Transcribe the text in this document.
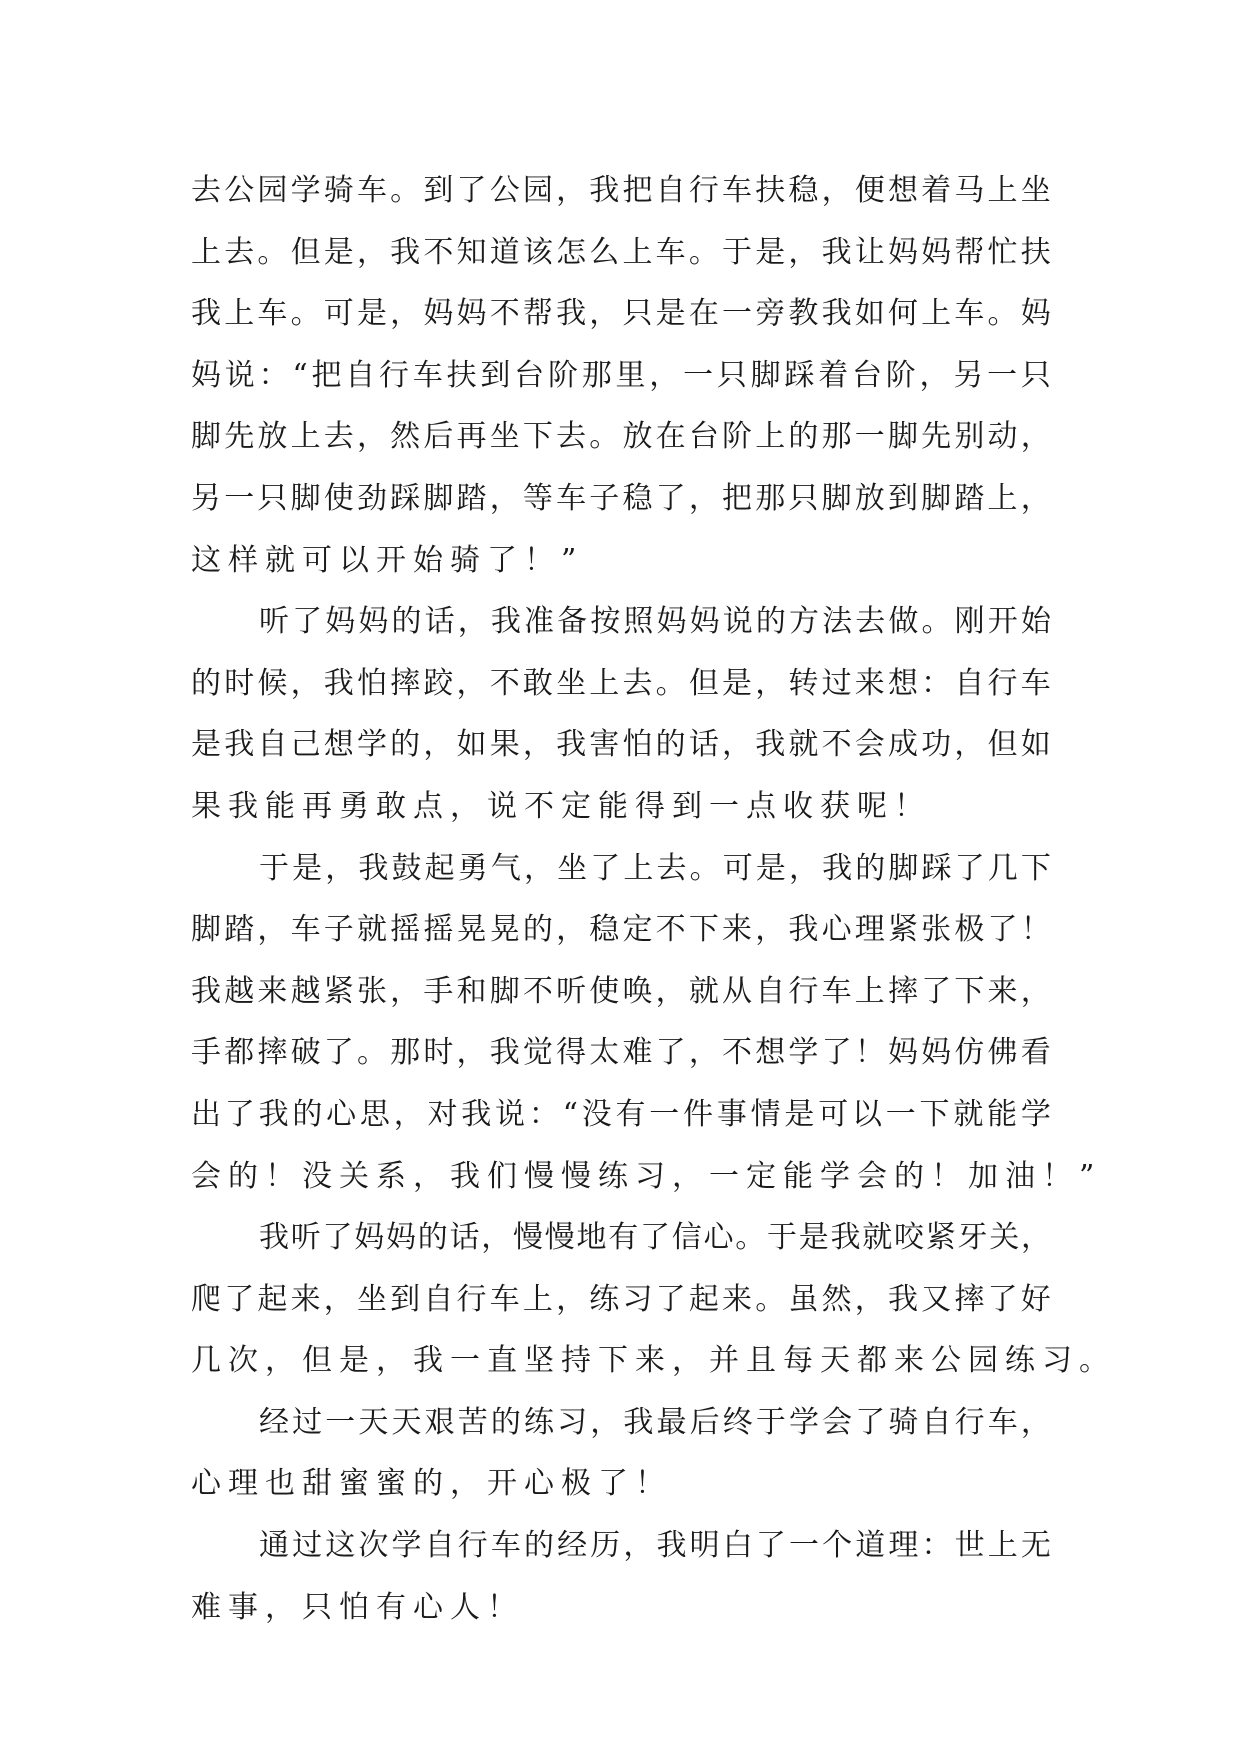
去 公 园 学 骑 车 。 到 了 公 园 ， 我 把 自 行 车 扶 稳 ， 便 想 着 马 上 坐
上 去 。 但 是 ， 我 不 知 道 该 怎 么 上 车 。 于 是 ， 我 让 妈 妈 帮 忙 扶
我 上 车 。 可 是 ， 妈 妈 不 帮 我 ， 只 是 在 一 旁 教 我 如 何 上 车 。 妈
妈 说 ： “ 把 自 行 车 扶 到 台 阶 那 里 ， 一 只 脚 踩 着 台 阶 ， 另 一 只
脚 先 放 上 去 ， 然 后 再 坐 下 去 。 放 在 台 阶 上 的 那 一 脚 先 别 动 ，
另 一 只 脚 使 劲 踩 脚 踏 ， 等 车 子 稳 了 ， 把 那 只 脚 放 到 脚 踏 上 ，
这样就可以开始骑了！”
听 了 妈 妈 的 话 ， 我 准 备 按 照 妈 妈 说 的 方 法 去 做 。 刚 开 始
的 时 候 ， 我 怕 摔 跤 ， 不 敢 坐 上 去 。 但 是 ， 转 过 来 想 ： 自 行 车
是 我 自 己 想 学 的 ， 如 果 ， 我 害 怕 的 话 ， 我 就 不 会 成 功 ， 但 如
果我能再勇敢点，说不定能得到一点收获呢！
于 是 ， 我 鼓 起 勇 气 ， 坐 了 上 去 。 可 是 ， 我 的 脚 踩 了 几 下
脚 踏 ， 车 子 就 摇 摇 晃 晃 的 ， 稳 定 不 下 来 ， 我 心 理 紧 张 极 了 ！
我 越 来 越 紧 张 ， 手 和 脚 不 听 使 唤 ， 就 从 自 行 车 上 摔 了 下 来 ，
手 都 摔 破 了 。 那 时 ， 我 觉 得 太 难 了 ， 不 想 学 了 ！ 妈 妈 仿 佛 看
出 了 我 的 心 思 ， 对 我 说 ： “ 没 有 一 件 事 情 是 可 以 一 下 就 能 学
会的！没关系，我们慢慢练习，一定能学会的！加油！”
我 听 了 妈 妈 的 话 ， 慢 慢 地 有 了 信 心 。 于 是 我 就 咬 紧 牙 关 ，
爬 了 起 来 ， 坐 到 自 行 车 上 ， 练 习 了 起 来 。 虽 然 ， 我 又 摔 了 好
几次，但是，我一直坚持下来，并且每天都来公园练习。
经 过 一 天 天 艰 苦 的 练 习 ， 我 最 后 终 于 学 会 了 骑 自 行 车 ，
心理也甜蜜蜜的，开心极了！
通 过 这 次 学 自 行 车 的 经 历 ， 我 明 白 了 一 个 道 理 ： 世 上 无
难事，只怕有心人！
